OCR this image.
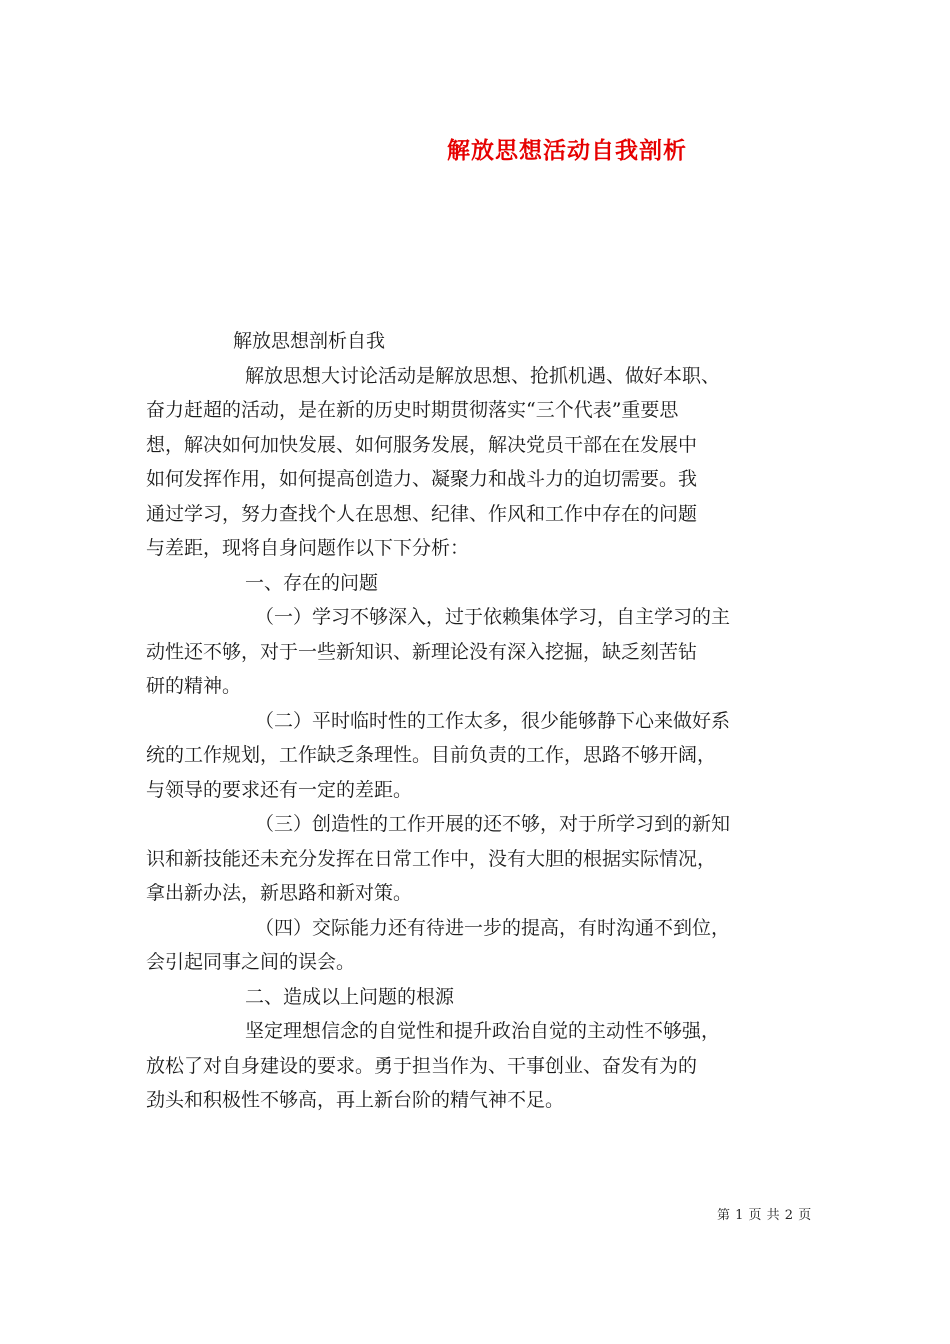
解放思想活动自我剖析
解放思想剖析自我
解放思想大讨论活动是解放思想、抢抓机遇、做好本职、
奋力赶超的活动，是在新的历史时期贯彻落实“三个代表”重要思
想，解决如何加快发展、如何服务发展，解决党员干部在在发展中
如何发挥作用，如何提高创造力、凝聚力和战斗力的迫切需要。我
通过学习，努力查找个人在思想、纪律、作风和工作中存在的问题
与差距，现将自身问题作以下下分析：
一、存在的问题
（一）学习不够深入，过于依赖集体学习，自主学习的主
动性还不够，对于一些新知识、新理论没有深入挖掘，缺乏刻苦钻
研的精神。
（二）平时临时性的工作太多，很少能够静下心来做好系
统的工作规划，工作缺乏条理性。目前负责的工作，思路不够开阔，
与领导的要求还有一定的差距。
（三）创造性的工作开展的还不够，对于所学习到的新知
识和新技能还未充分发挥在日常工作中，没有大胆的根据实际情况，
拿出新办法，新思路和新对策。
（四）交际能力还有待进一步的提高，有时沟通不到位，
会引起同事之间的误会。
二、造成以上问题的根源
坚定理想信念的自觉性和提升政治自觉的主动性不够强，
放松了对自身建设的要求。勇于担当作为、干事创业、奋发有为的
劲头和积极性不够高，再上新台阶的精气神不足。
第 1 页 共 2 页
